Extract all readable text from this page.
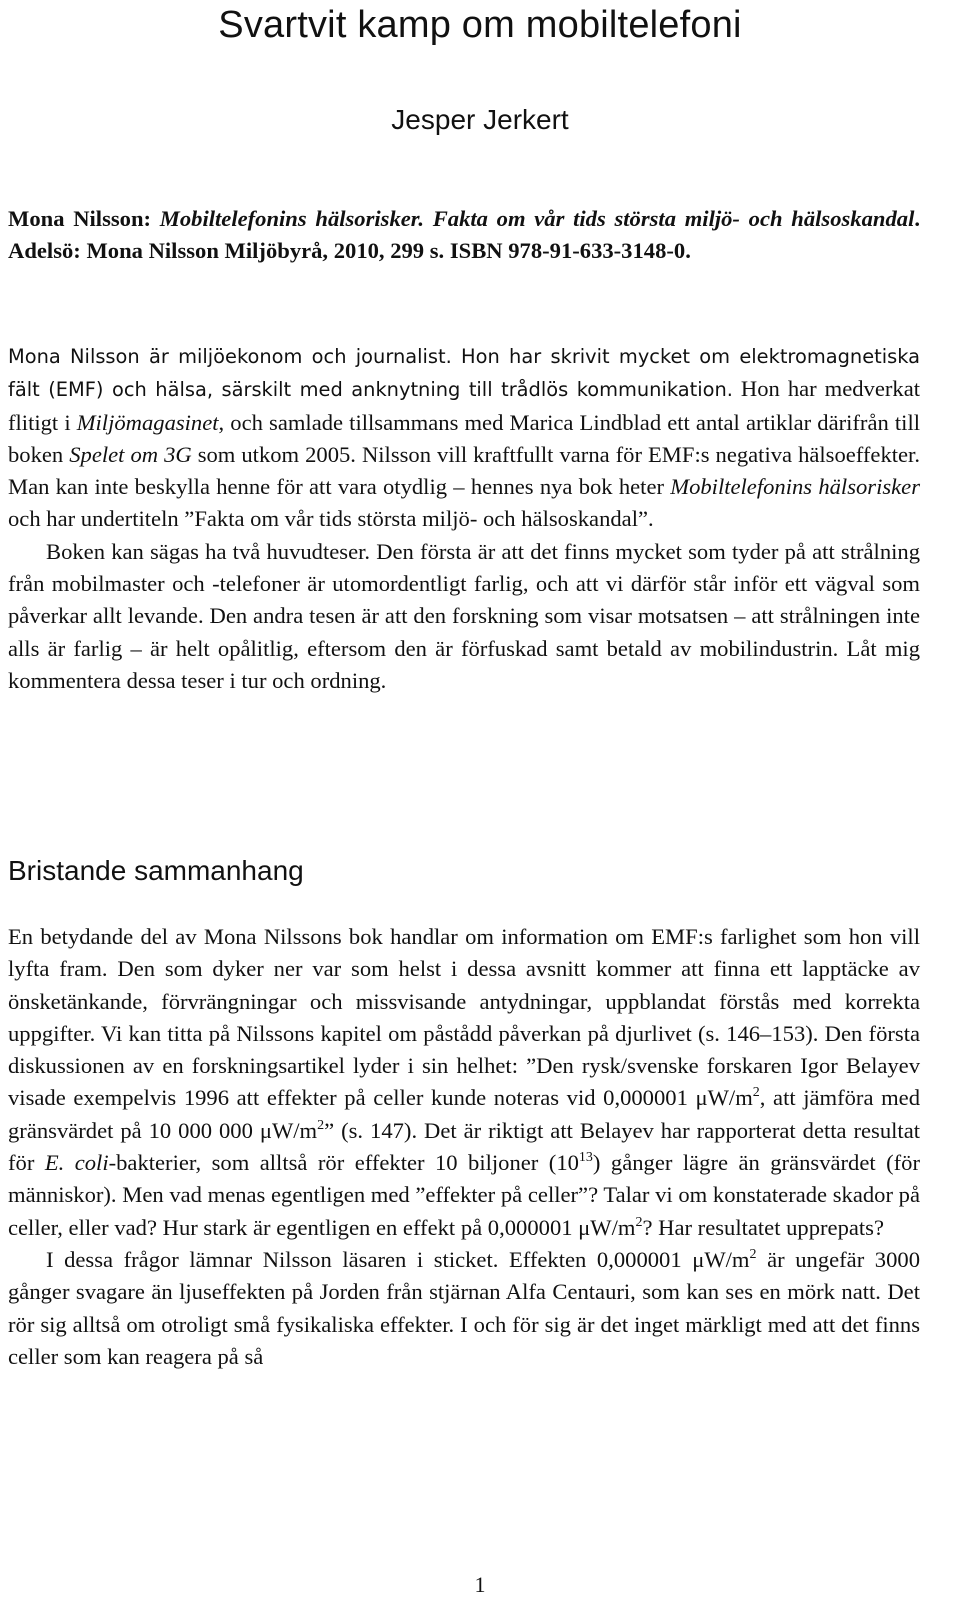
Svartvit kamp om mobiltelefoni
Jesper Jerkert
Mona Nilsson: Mobiltelefonins hälsorisker. Fakta om vår tids största miljö- och hälsoskandal. Adelsö: Mona Nilsson Miljöbyrå, 2010, 299 s. ISBN 978-91-633-3148-0.

Mona Nilsson är miljöekonom och journalist. Hon har skrivit mycket om elektromagnetiska fält (EMF) och hälsa, särskilt med anknytning till trådlös kommunikation. Hon har medverkat flitigt i Miljömagasinet, och samlade tillsammans med Marica Lindblad ett antal artiklar därifrån till boken Spelet om 3G som utkom 2005. Nilsson vill kraftfullt varna för EMF:s negativa hälsoeffekter. Man kan inte beskylla henne för att vara otydlig – hennes nya bok heter Mobiltelefonins hälsorisker och har undertiteln ”Fakta om vår tids största miljö- och hälsoskandal”.

Boken kan sägas ha två huvudteser. Den första är att det finns mycket som tyder på att strålning från mobilmaster och -telefoner är utomordentligt farlig, och att vi därför står inför ett vägval som påverkar allt levande. Den andra tesen är att den forskning som visar motsatsen – att strålningen inte alls är farlig – är helt opålitlig, eftersom den är förfuskad samt betald av mobilindustrin. Låt mig kommentera dessa teser i tur och ordning.

Bristande sammanhang

En betydande del av Mona Nilssons bok handlar om information om EMF:s farlighet som hon vill lyfta fram. Den som dyker ner var som helst i dessa avsnitt kommer att finna ett lapptäcke av önsketänkande, förvrängningar och missvisande antydningar, uppblandat förstås med korrekta uppgifter. Vi kan titta på Nilssons kapitel om påstådd påverkan på djurlivet (s. 146–153). Den första diskussionen av en forskningsartikel lyder i sin helhet: ”Den rysk/svenske forskaren Igor Belayev visade exempelvis 1996 att effekter på celler kunde noteras vid 0,000001 $\mu W/m^2$, att jämföra med gränsvärdet på 10 000 000 $\mu W/m^2$” (s. 147). Det är riktigt att Belayev har rapporterat detta resultat för E. coli-bakterier, som alltså rör effekter 10 biljoner $(10^{13})$ gånger lägre än gränsvärdet (för människor). Men vad menas egentligen med ”effekter på celler”? Talar vi om konstaterade skador på celler, eller vad? Hur stark är egentligen en effekt på 0,000001 $\mu W/m^2$? Har resultatet upprepats?

I dessa frågor lämnar Nilsson läsaren i sticket. Effekten 0,000001 $\mu W/m^2$ är ungefär 3000 gånger svagare än ljuseffekten på Jorden från stjärnan Alfa Centauri, som kan ses en mörk natt. Det rör sig alltså om otroligt små fysikaliska effekter. I och för sig är det inget märkligt med att det finns celler som kan reagera på så

1
